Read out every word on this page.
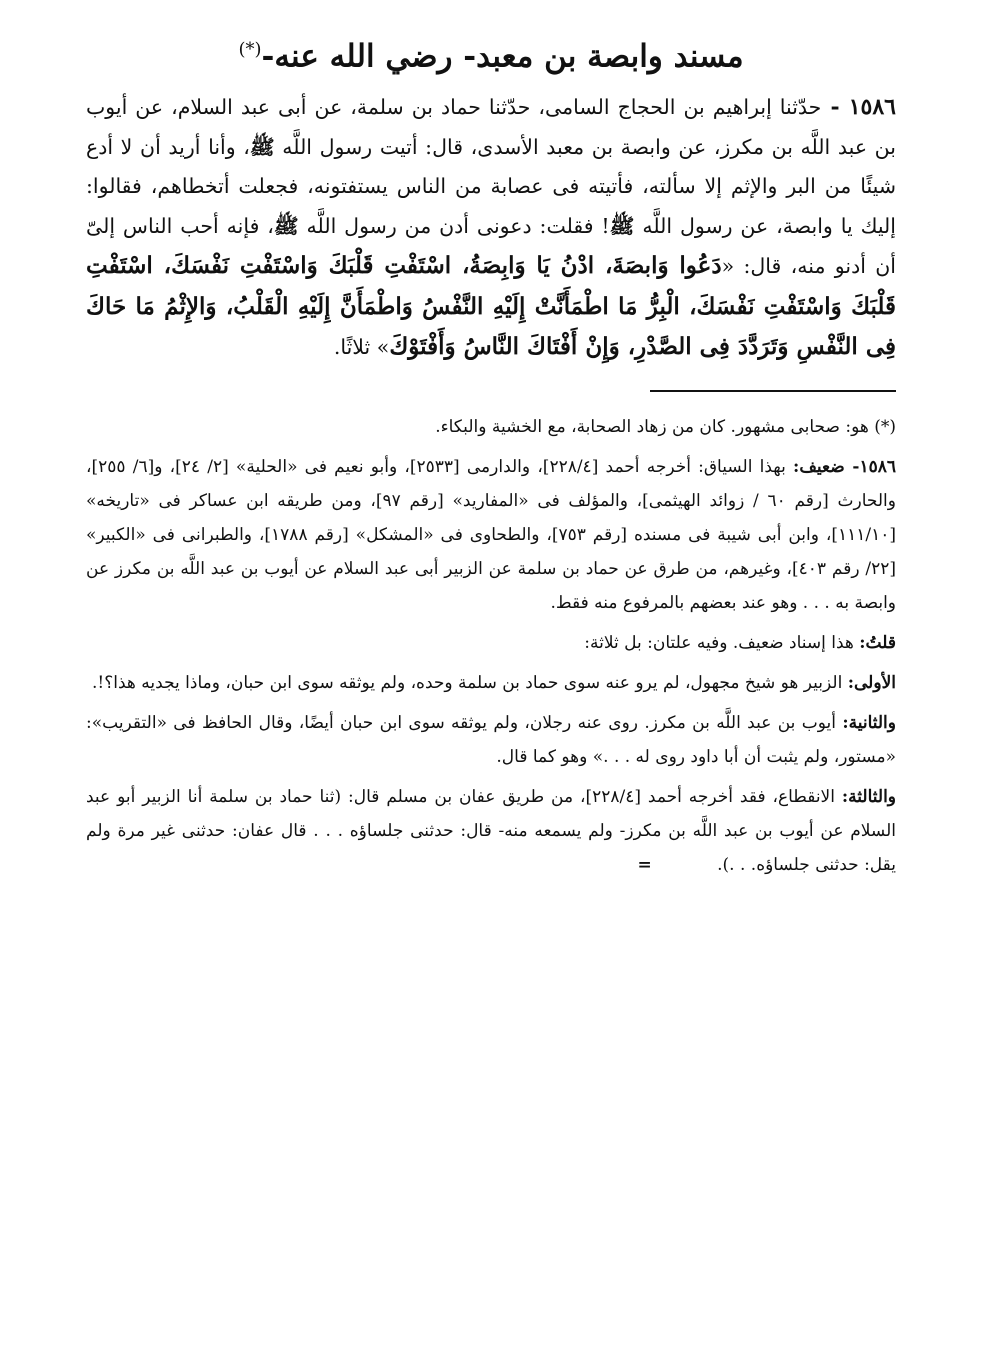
مسند وابصة بن معبد- رضي الله عنه-(*)

١٥٨٦ - حدّثنا إبراهيم بن الحجاج السامى، حدّثنا حماد بن سلمة، عن أبى عبد السلام، عن أيوب بن عبد اللَّه بن مكرز، عن وابصة بن معبد الأسدى، قال: أتيت رسول اللَّه ﷺ، وأنا أريد أن لا أدع شيئًا من البر والإثم إلا سألته، فأتيته فى عصابة من الناس يستفتونه، فجعلت أتخطاهم، فقالوا: إليك يا وابصة، عن رسول اللَّه ﷺ! فقلت: دعونى أدن من رسول اللَّه ﷺ، فإنه أحب الناس إلىّ أن أدنو منه، قال: «دَعُوا وَابصَةَ، ادْنُ يَا وَابِصَةُ، اسْتَفْتِ قَلْبَكَ وَاسْتَفْتِ نَفْسَكَ، اسْتَفْتِ قَلْبَكَ وَاسْتَفْتِ نَفْسَكَ، الْبِرُّ مَا اطْمَأَنَّتْ إِلَيْهِ النَّفْسُ وَاطْمَأَنَّ إِلَيْهِ الْقَلْبُ، وَالإِثْمُ مَا حَاكَ فِى النَّفْسِ وَتَرَدَّدَ فِى الصَّدْرِ، وَإِنْ أَفْتَاكَ النَّاسُ وَأَفْتَوْكَ» ثلاثًا.

(*) هو: صحابى مشهور. كان من زهاد الصحابة، مع الخشية والبكاء.

١٥٨٦- ضعيف: بهذا السياق: أخرجه أحمد [٢٢٨/٤]، والدارمى [٢٥٣٣]، وأبو نعيم فى «الحلية» [٢/ ٢٤]، و[٦/ ٢٥٥]، والحارث [رقم ٦٠ / زوائد الهيثمى]، والمؤلف فى «المفاريد» [رقم ٩٧]، ومن طريقه ابن عساكر فى «تاريخه» [١١١/١٠]، وابن أبى شيبة فى مسنده [رقم ٧٥٣]، والطحاوى فى «المشكل» [رقم ١٧٨٨]، والطبرانى فى «الكبير» [٢٢/ رقم ٤٠٣]، وغيرهم، من طرق عن حماد بن سلمة عن الزبير أبى عبد السلام عن أيوب بن عبد اللَّه بن مكرز عن وابصة به . . . وهو عند بعضهم بالمرفوع منه فقط.

قلتُ: هذا إسناد ضعيف. وفيه علتان: بل ثلاثة:

الأولى: الزبير هو شيخ مجهول، لم يرو عنه سوى حماد بن سلمة وحده، ولم يوثقه سوى ابن حبان، وماذا يجديه هذا؟!.

والثانية: أيوب بن عبد اللَّه بن مكرز. روى عنه رجلان، ولم يوثقه سوى ابن حبان أيضًا، وقال الحافظ فى «التقريب»: «مستور، ولم يثبت أن أبا داود روى له . . .» وهو كما قال.

والثالثة: الانقطاع، فقد أخرجه أحمد [٢٢٨/٤]، من طريق عفان بن مسلم قال: (ثنا حماد بن سلمة أنا الزبير أبو عبد السلام عن أيوب بن عبد اللَّه بن مكرز- ولم يسمعه منه- قال: حدثنى جلساؤه . . . قال عفان: حدثنى غير مرة ولم يقل: حدثنى جلساؤه. . .). =
